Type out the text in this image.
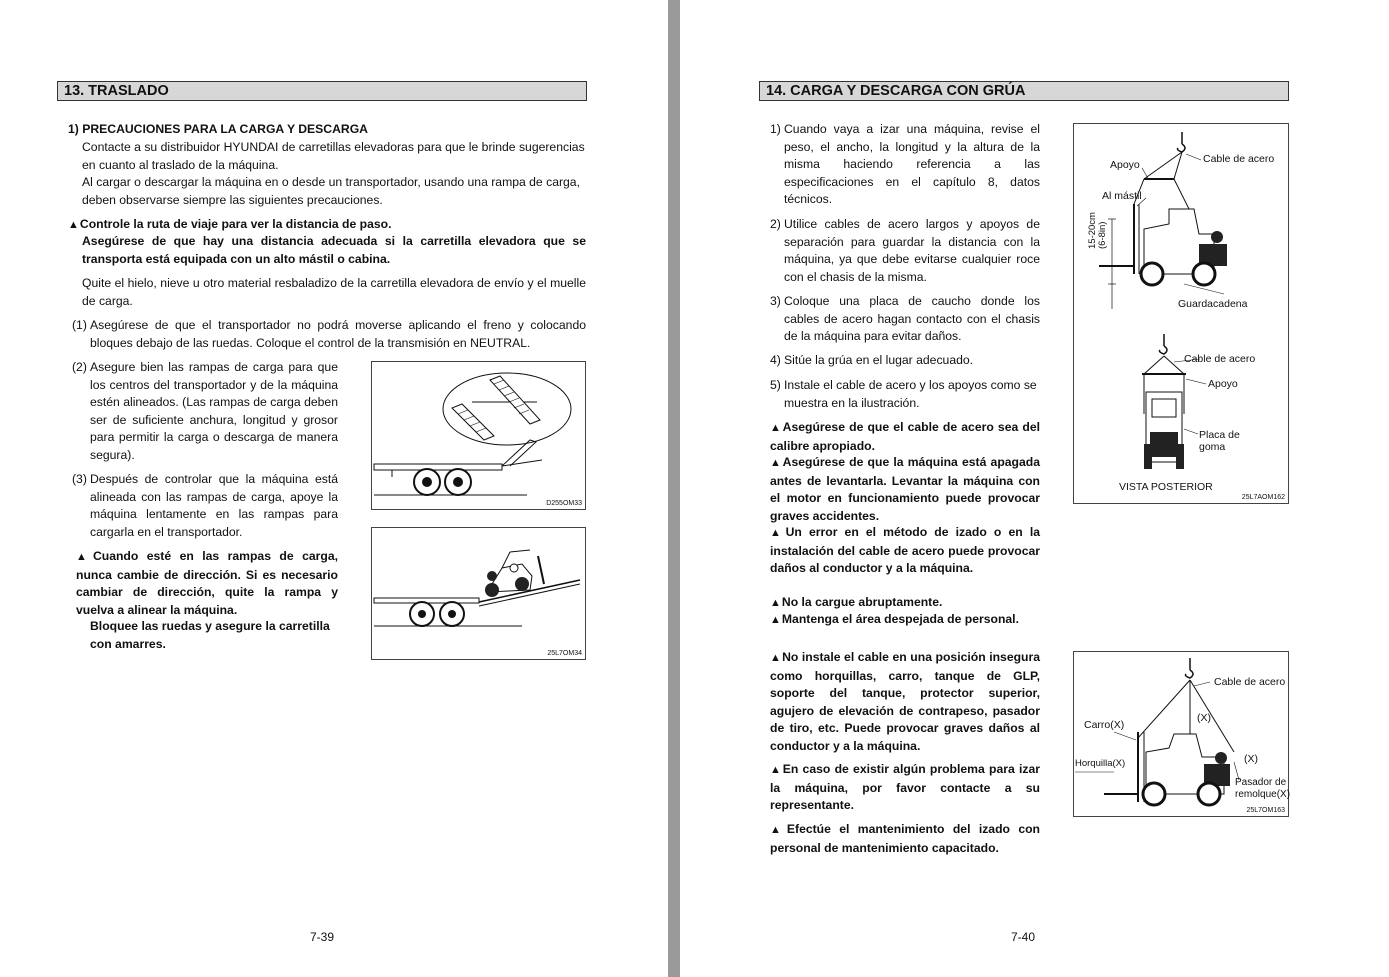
13. TRASLADO
1) PRECAUCIONES PARA LA CARGA Y DESCARGA
Contacte a su distribuidor HYUNDAI de carretillas elevadoras para que le brinde sugerencias en cuanto al traslado de la máquina.
Al cargar o descargar la máquina en o desde un transportador, usando una rampa de carga, deben observarse siempre las siguientes precauciones.
▲Controle la ruta de viaje para ver la distancia de paso.
Asegúrese de que hay una distancia adecuada si la carretilla elevadora que se transporta está equipada con un alto mástil o cabina.
Quite el hielo, nieve u otro material resbaladizo de la carretilla elevadora de envío y el muelle de carga.
(1) Asegúrese de que el transportador no podrá moverse aplicando el freno y colocando bloques debajo de las ruedas. Coloque el control de la transmisión en NEUTRAL.
(2) Asegure bien las rampas de carga para que los centros del transportador y de la máquina estén alineados. (Las rampas de carga deben ser de suficiente anchura, longitud y grosor para permitir la carga o descarga de manera segura).
(3) Después de controlar que la máquina está alineada con las rampas de carga, apoye la máquina lentamente en las rampas para cargarla en el transportador.
▲Cuando esté en las rampas de carga, nunca cambie de dirección. Si es necesario cambiar de dirección, quite la rampa y vuelva a alinear la máquina.
Bloquee las ruedas y asegure la carretilla con amarres.
D255OM33
25L7OM34
7-39
14. CARGA Y DESCARGA CON GRÚA
1) Cuando vaya a izar una máquina, revise el peso, el ancho, la longitud y la altura de la misma haciendo referencia a las especificaciones en el capítulo 8, datos técnicos.
2) Utilice cables de acero largos y apoyos de separación para guardar la distancia con la máquina, ya que debe evitarse cualquier roce con el chasis de la misma.
3) Coloque una placa de caucho donde los cables de acero hagan contacto con el chasis de la máquina para evitar daños.
4) Sitúe la grúa en el lugar adecuado.
5) Instale el cable de acero y los apoyos como se muestra en la ilustración.
▲Asegúrese de que el cable de acero sea del calibre apropiado.
▲Asegúrese de que la máquina está apagada antes de levantarla. Levantar la máquina con el motor en funcionamiento puede provocar graves accidentes.
▲Un error en el método de izado o en la instalación del cable de acero puede provocar daños al conductor y a la máquina.
▲No la cargue abruptamente.
▲Mantenga el área despejada de personal.
▲No instale el cable en una posición insegura como horquillas, carro, tanque de GLP, soporte del tanque, protector superior, agujero de elevación de contrapeso, pasador de tiro, etc. Puede provocar graves daños al conductor y a la máquina.
▲En caso de existir algún problema para izar la máquina, por favor contacte a su representante.
▲Efectúe el mantenimiento del izado con personal de mantenimiento capacitado.
Apoyo	Cable de acero
Al mástil
15-20cm (6-8in)
Guardacadena
Cable de acero
Apoyo
Placa de goma
VISTA POSTERIOR
25L7AOM162
Cable de acero
Carro(X)
(X)
(X)
Horquilla(X)
Pasador de remolque(X)
25L7OM163
7-40
